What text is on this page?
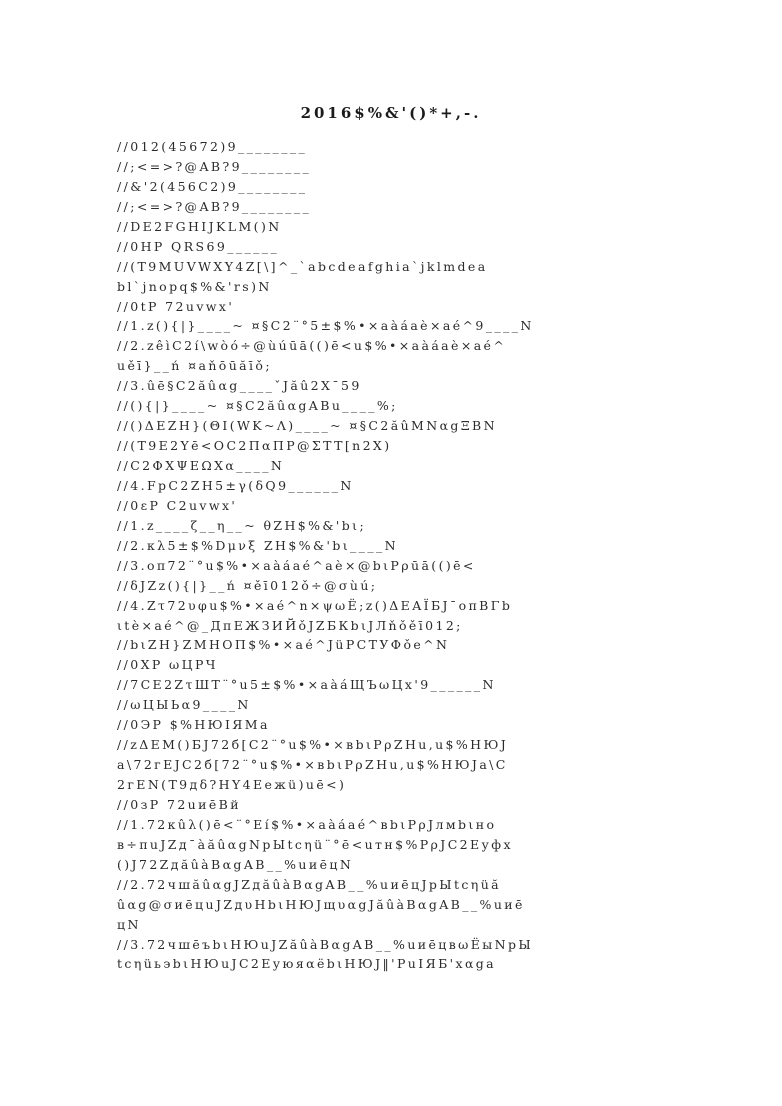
2016$%&'()*+,-.
//012(45672)9________
//;<=>?@AB?9________
//&'2(456C2)9________
//;<=>?@AB?9________
//DE2FGHIJKLM()N
//0HP QRS69______
//(T9MUVWXY4Z[\]^_`abcdeafghia`jklmdea
bl`jnopq$%&'rs)N
//0tP 72uvwx'
//1.z(){|}____~ ¤§C2¨°5±$%•×aàáaè×aé^9____N
//2.zêìC2í\wòó÷@ùúūā(()ē<u$%•×aàáaè×aé^
uěī}__ń ¤aňōūăīǒ;
//3.ûē§C2ăûαg____ˇJăû2X¯59
//(){|}____~ ¤§C2ăûαgABu____%;
//()ΔEZH}(ΘI(WK~Λ)____~ ¤§C2ăûMNαgΞBN
//(T9E2Yē<OC2ΠαΠP@ΣTT[n2X)
//C2ΦXΨEΩXα____N
//4.FpC2ZH5±γ(δQ9______N
//0εP C2uvwx'
//1.z____ζ__η__~ θZH$%&'bι;
//2.κλ5±$%Dμνξ ZH$%&'bι____N
//3.οπ72¨°u$%•×aàáaé^aè×@bιPρūā(()ē<
//δJZz(){|}__ń ¤ěī012ǒ÷@σùú;
//4.Zτ72υφu$%•×aé^n×ψωË;z()ΔEAΪБJ¯οπΒΓb
ιtè×aé^@_ДпЕЖЗИЙǒJZБКbιJЛňǒěī012;
//bιZH}ZМНОП$%•×aé^JüРСТУΦǒe^N
//0ХР ωЦРЧ
//7CE2ZτШТ¨°u5±$%•×aàáЩЪωЦx'9______N
//ωЦЫЬα9____N
//0ЭР $%НЮIЯМa
//zΔEM()БJ72б[C2¨°u$%•×вbιPρZHu,u$%НЮJ
a\72гEJC2б[72¨°u$%•×вbιPρZHu,u$%НЮJa\C
2гEN(T9дδ?HY4Eежü)uē<)
//0зP 72uиēВй
//1.72кûλ()ē<¨°Eí$%•×aàáaé^вbιPρJлмbιно
в÷πuJZд¯àăûαgNрЫtсηü¨°ē<uтн$%PρJC2Еуфх
()J72ZдăûàВαgAB__%uиēцN
//2.72чшăûαgJZдăûàВαgAB__%uиēцJрЫtсηüă
ûαg@σиēцuJZдυНbιНЮJщυαgJăûàВαgAB__%uиē
цN
//3.72чшēъbιНЮuJZăûàВαgAB__%uиēцвωЁыNрЫ
tсηüьэbιНЮuJC2ЕуюяαёbιНЮJ‖'PuIЯБ'xαga
